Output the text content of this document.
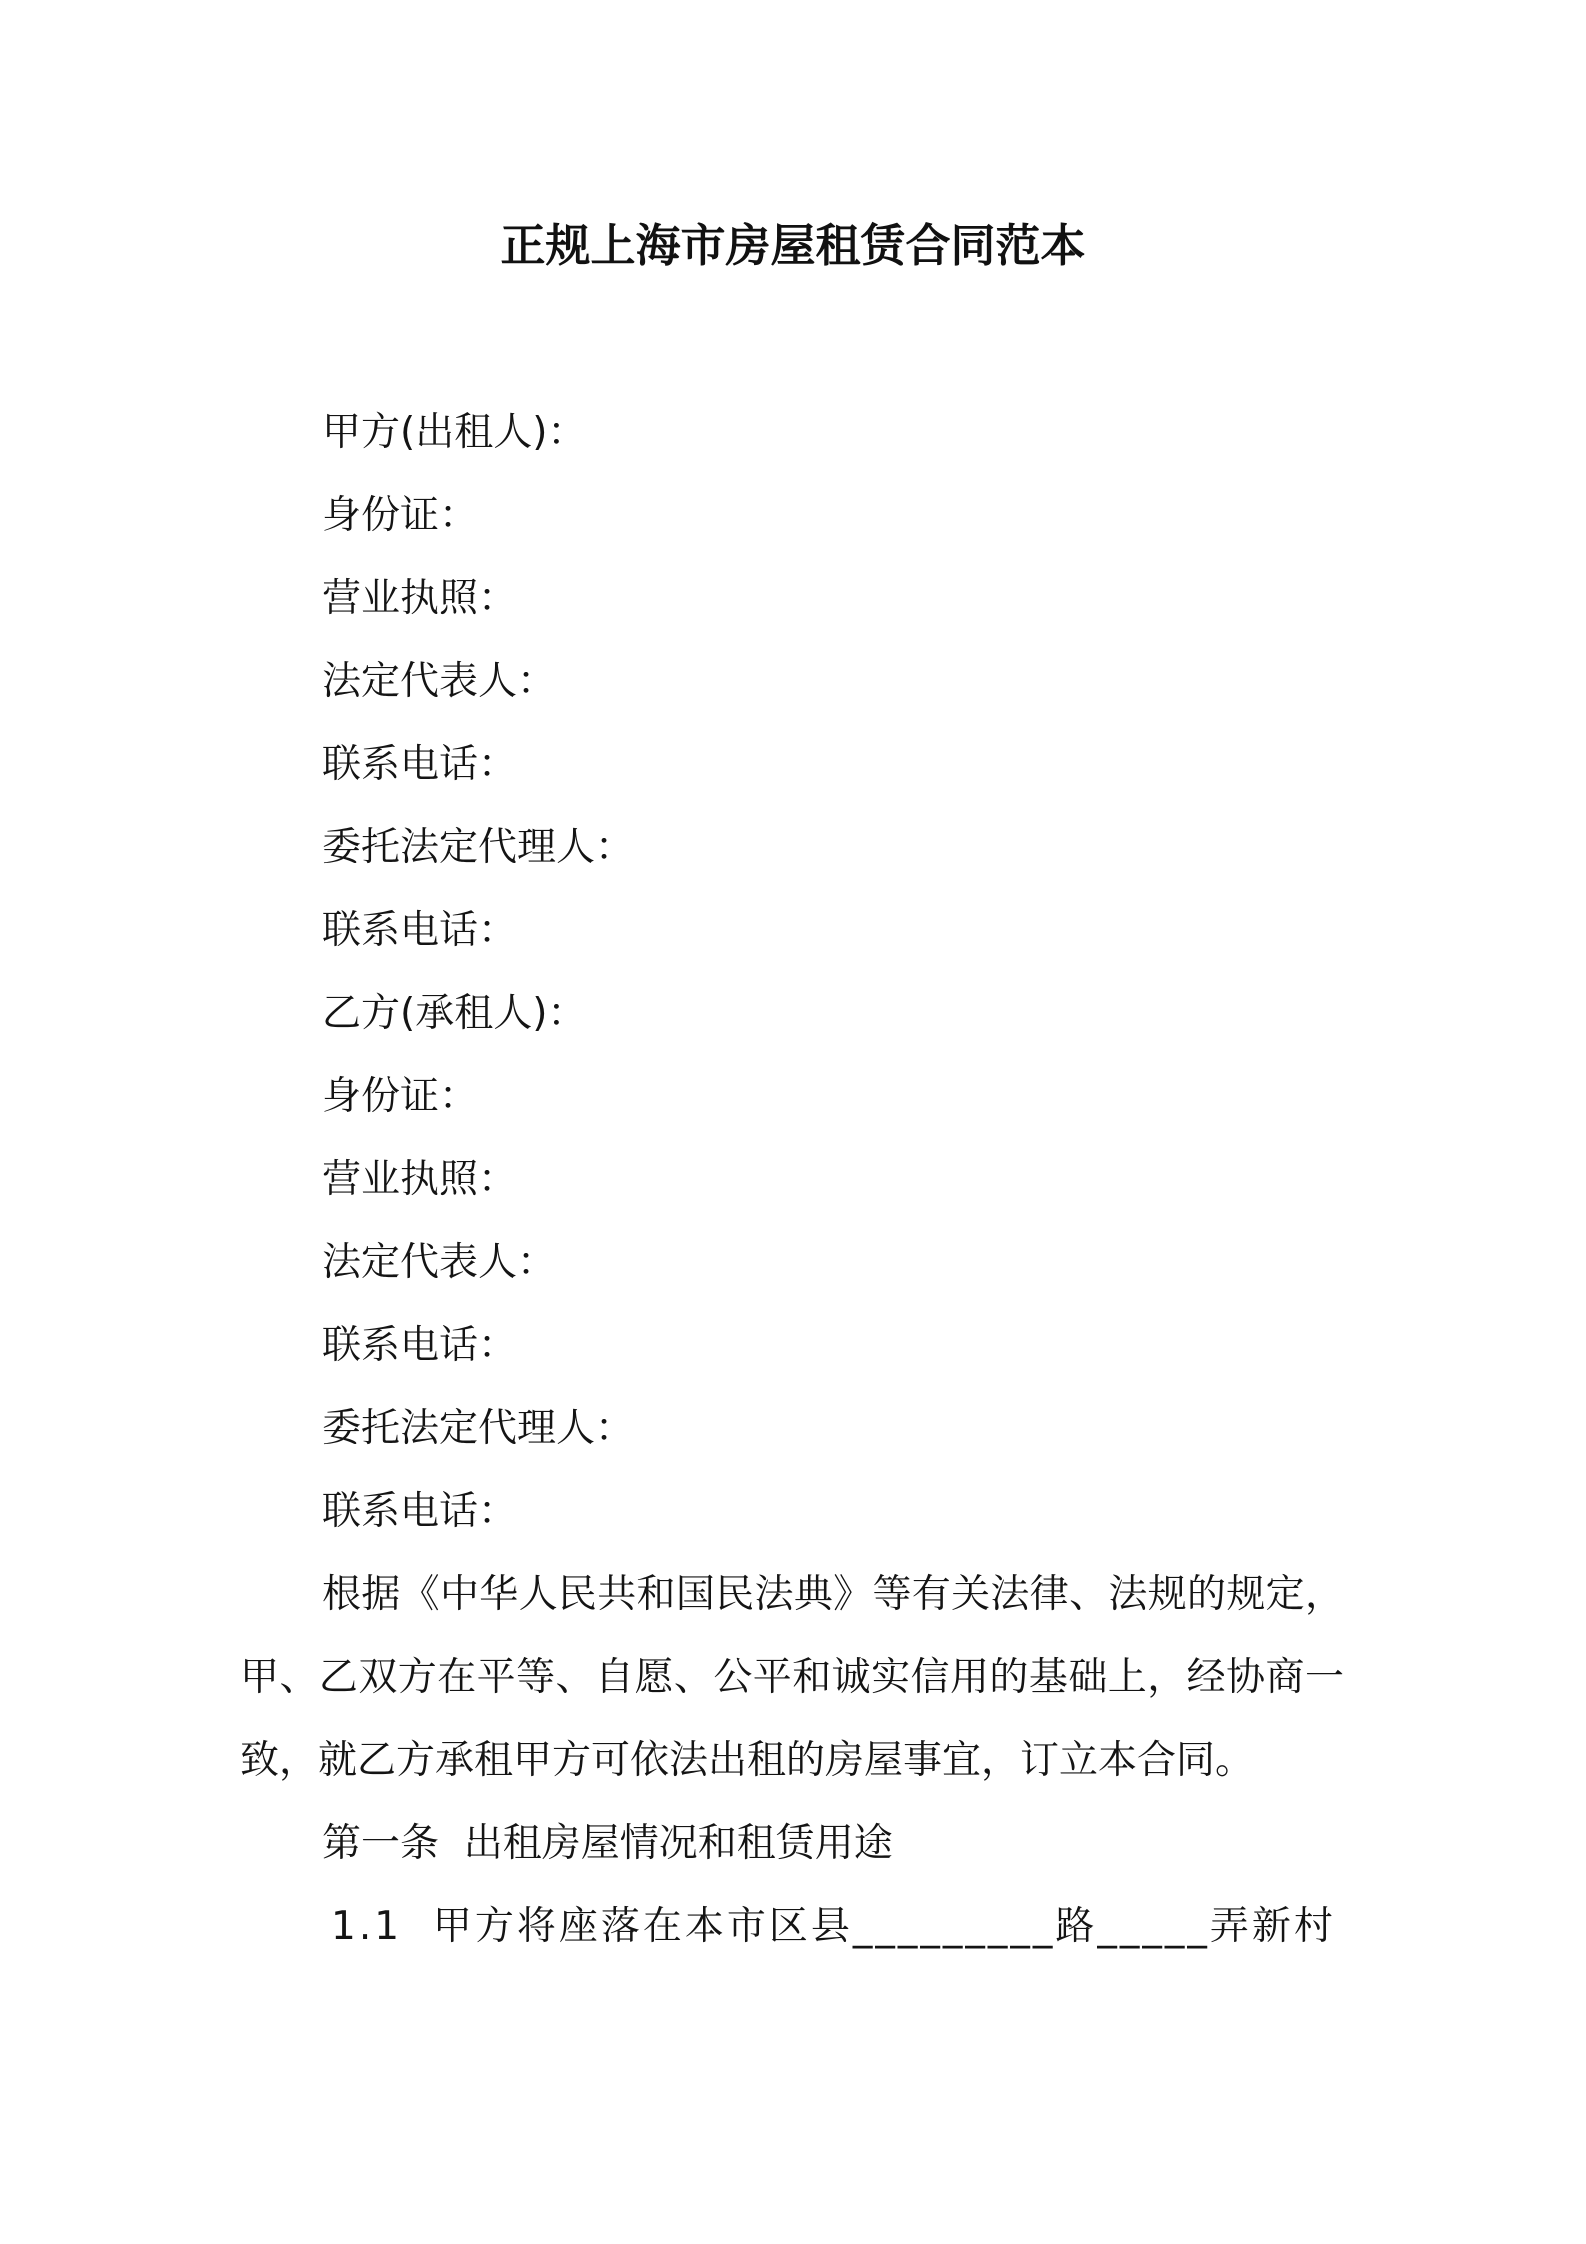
正规上海市房屋租赁合同范本
甲方(出租人)：
身份证：
营业执照：
法定代表人：
联系电话：
委托法定代理人：
联系电话：
乙方(承租人)：
身份证：
营业执照：
法定代表人：
联系电话：
委托法定代理人：
联系电话：

根据《中华人民共和国民法典》等有关法律、法规的规定，甲、乙双方在平等、自愿、公平和诚实信用的基础上，经协商一致，就乙方承租甲方可依法出租的房屋事宜，订立本合同。

第一条  出租房屋情况和租赁用途
1.1  甲方将座落在本市区县_________路_____弄新村
